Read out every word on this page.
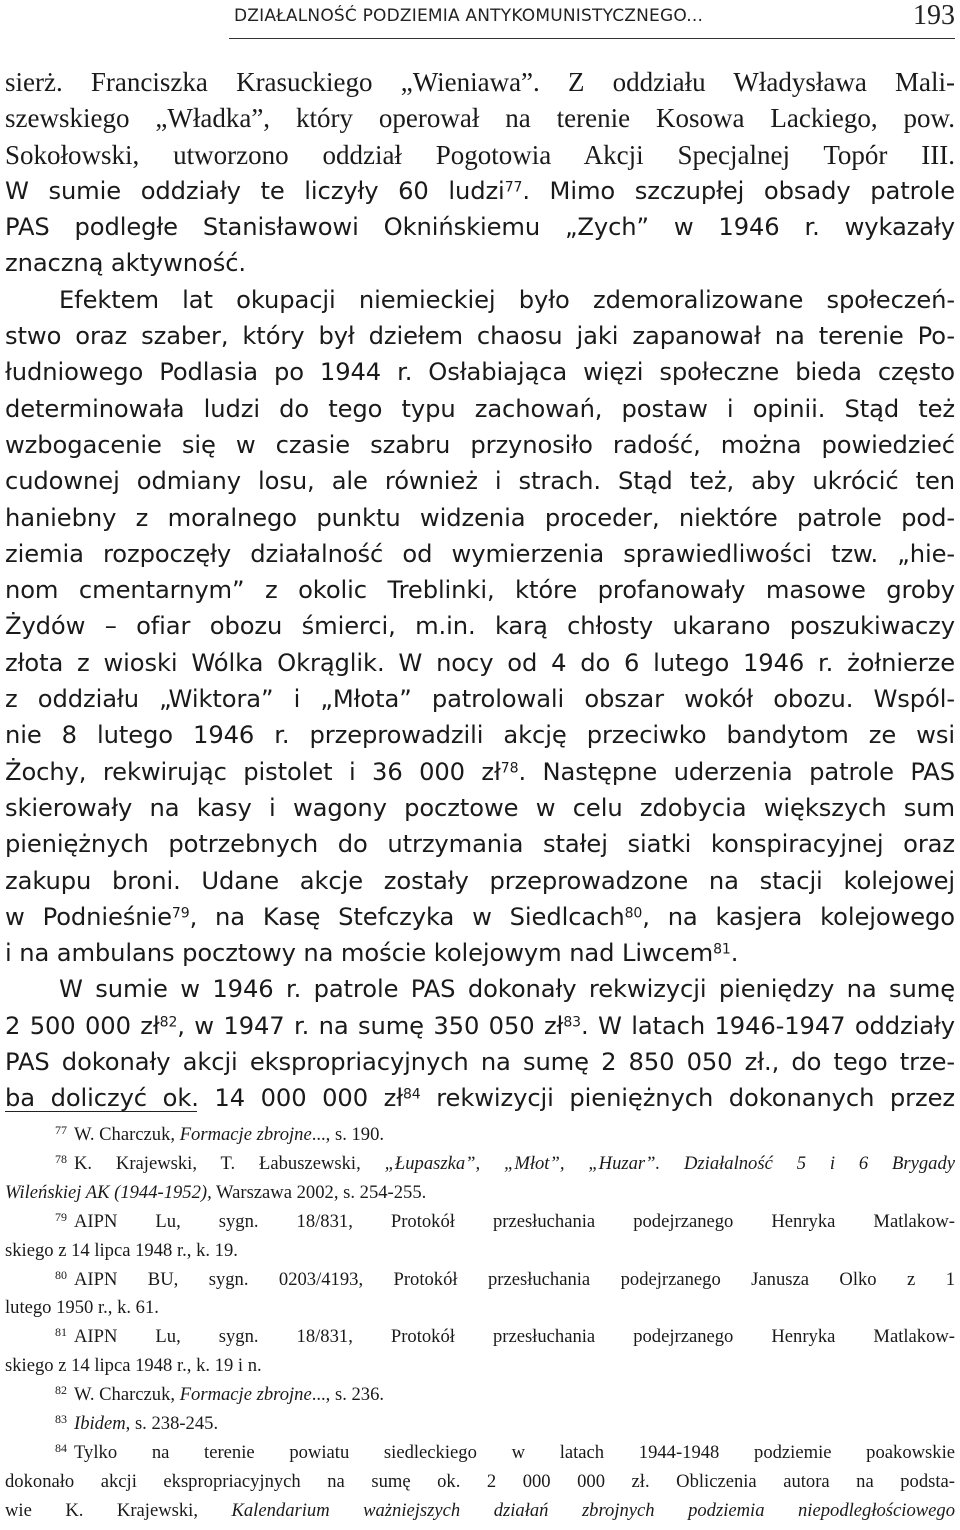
DZIAŁALNOŚĆ PODZIEMIA ANTYKOMUNISTYCZNEGO...	193

sierż. Franciszka Krasuckiego „Wieniawa”. Z oddziału Władysława Mali-
szewskiego „Władka”, który operował na terenie Kosowa Lackiego, pow.
Sokołowski, utworzono oddział Pogotowia Akcji Specjalnej Topór III.
W sumie oddziały te liczyły 60 ludzi$^{77}$. Mimo szczupłej obsady patrole
PAS podległe Stanisławowi Oknińskiemu „Zych” w 1946 r. wykazały
znaczną aktywność.

Efektem lat okupacji niemieckiej było zdemoralizowane społeczeń-
stwo oraz szaber, który był dziełem chaosu jaki zapanował na terenie Po-
łudniowego Podlasia po 1944 r. Osłabiająca więzi społeczne bieda często
determinowała ludzi do tego typu zachowań, postaw i opinii. Stąd też
wzbogacenie się w czasie szabru przynosiło radość, można powiedzieć
cudownej odmiany losu, ale również i strach. Stąd też, aby ukrócić ten
haniebny z moralnego punktu widzenia proceder, niektóre patrole pod-
ziemia rozpoczęły działalność od wymierzenia sprawiedliwości tzw. „hie-
nom cmentarnym” z okolic Treblinki, które profanowały masowe groby
Żydów – ofiar obozu śmierci, m.in. karą chłosty ukarano poszukiwaczy
złota z wioski Wólka Okrąglik. W nocy od 4 do 6 lutego 1946 r. żołnierze
z oddziału „Wiktora” i „Młota” patrolowali obszar wokół obozu. Wspól-
nie 8 lutego 1946 r. przeprowadzili akcję przeciwko bandytom ze wsi
Żochy, rekwirując pistolet i 36 000 $zł^{78}$. Następne uderzenia patrole PAS
skierowały na kasy i wagony pocztowe w celu zdobycia większych sum
pieniężnych potrzebnych do utrzymania stałej siatki konspiracyjnej oraz
zakupu broni. Udane akcje zostały przeprowadzone na stacji kolejowej
w Podnieśnie$^{79}$, na Kasę Stefczyka w Siedlcach$^{80}$, na kasjera kolejowego
i na ambulans pocztowy na moście kolejowym nad Liwcem$^{81}$.

W sumie w 1946 r. patrole PAS dokonały rekwizycji pieniędzy na sumę
2 500 000 $zł^{82}$, w 1947 r. na sumę 350 050 $zł^{83}$. W latach 1946-1947 oddziały
PAS dokonały akcji ekspropriacyjnych na sumę 2 850 050 zł., do tego trze-
ba doliczyć ok. 14 000 000 $zł^{84}$ rekwizycji pieniężnych dokonanych przez

$^{77}$ W. Charczuk, Formacje zbrojne..., s. 190.

$^{78}$ K. Krajewski, T. Łabuszewski, „Łupaszka”, „Młot”, „Huzar”. Działalność 5 i 6 Brygady
Wileńskiej AK (1944-1952), Warszawa 2002, s. 254-255.

$^{79}$ AIPN Lu, sygn. 18/831, Protokół przesłuchania podejrzanego Henryka Matlakow-
skiego z 14 lipca 1948 r., k. 19.

$^{80}$ AIPN BU, sygn. 0203/4193, Protokół przesłuchania podejrzanego Janusza Olko z 1
lutego 1950 r., k. 61.

$^{81}$ AIPN Lu, sygn. 18/831, Protokół przesłuchania podejrzanego Henryka Matlakow-
skiego z 14 lipca 1948 r., k. 19 i n.

$^{82}$ W. Charczuk, Formacje zbrojne..., s. 236.

$^{83}$ Ibidem, s. 238-245.

$^{84}$ Tylko na terenie powiatu siedleckiego w latach 1944-1948 podziemie poakowskie
dokonało akcji ekspropriacyjnych na sumę ok. 2 000 000 zł. Obliczenia autora na podsta-
wie K. Krajewski, Kalendarium ważniejszych działań zbrojnych podziemia niepodległościowego
